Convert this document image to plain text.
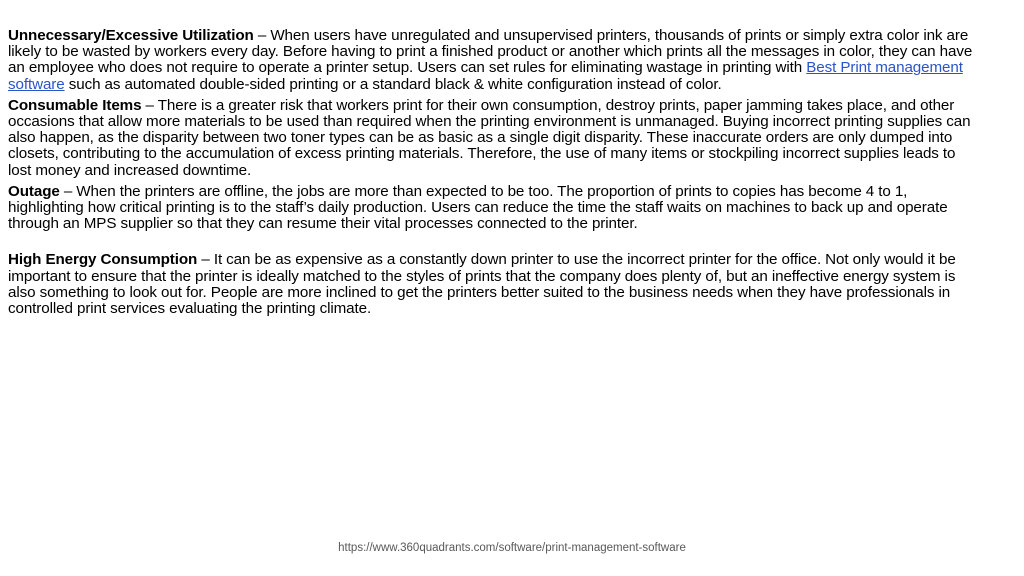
Unnecessary/Excessive Utilization – When users have unregulated and unsupervised printers, thousands of prints or simply extra color ink are likely to be wasted by workers every day. Before having to print a finished product or another which prints all the messages in color, they can have an employee who does not require to operate a printer setup. Users can set rules for eliminating wastage in printing with Best Print management software such as automated double-sided printing or a standard black & white configuration instead of color.

Consumable Items – There is a greater risk that workers print for their own consumption, destroy prints, paper jamming takes place, and other occasions that allow more materials to be used than required when the printing environment is unmanaged. Buying incorrect printing supplies can also happen, as the disparity between two toner types can be as basic as a single digit disparity. These inaccurate orders are only dumped into closets, contributing to the accumulation of excess printing materials. Therefore, the use of many items or stockpiling incorrect supplies leads to lost money and increased downtime.

Outage – When the printers are offline, the jobs are more than expected to be too. The proportion of prints to copies has become 4 to 1, highlighting how critical printing is to the staff’s daily production. Users can reduce the time the staff waits on machines to back up and operate through an MPS supplier so that they can resume their vital processes connected to the printer.

High Energy Consumption – It can be as expensive as a constantly down printer to use the incorrect printer for the office. Not only would it be important to ensure that the printer is ideally matched to the styles of prints that the company does plenty of, but an ineffective energy system is also something to look out for. People are more inclined to get the printers better suited to the business needs when they have professionals in controlled print services evaluating the printing climate.

https://www.360quadrants.com/software/print-management-software
